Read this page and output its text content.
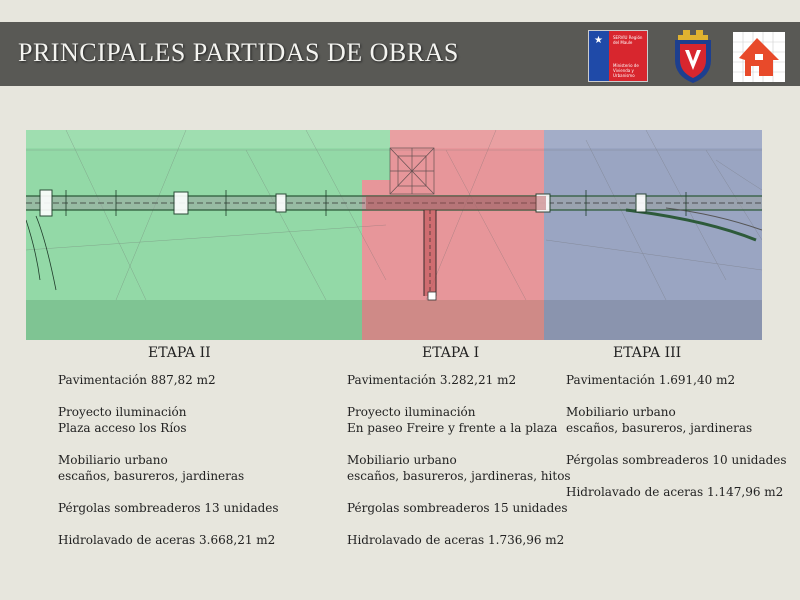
PRINCIPALES PARTIDAS DE OBRAS	★	SERVIU Región del Maule
Ministerio de Vivienda y Urbanismo
ETAPA II	ETAPA I	ETAPA III

Pavimentación 887,82 m2

Proyecto iluminación
Plaza acceso los Ríos

Mobiliario urbano
escaños, basureros, jardineras

Pérgolas sombreaderos 13 unidades

Hidrolavado de aceras 3.668,21 m2

Pavimentación 3.282,21 m2

Proyecto iluminación
En paseo Freire y frente a la plaza

Mobiliario urbano
escaños, basureros, jardineras, hitos

Pérgolas sombreaderos 15 unidades

Hidrolavado de aceras 1.736,96 m2

Pavimentación 1.691,40 m2

Mobiliario urbano
escaños, basureros, jardineras

Pérgolas sombreaderos 10 unidades

Hidrolavado de aceras 1.147,96 m2
